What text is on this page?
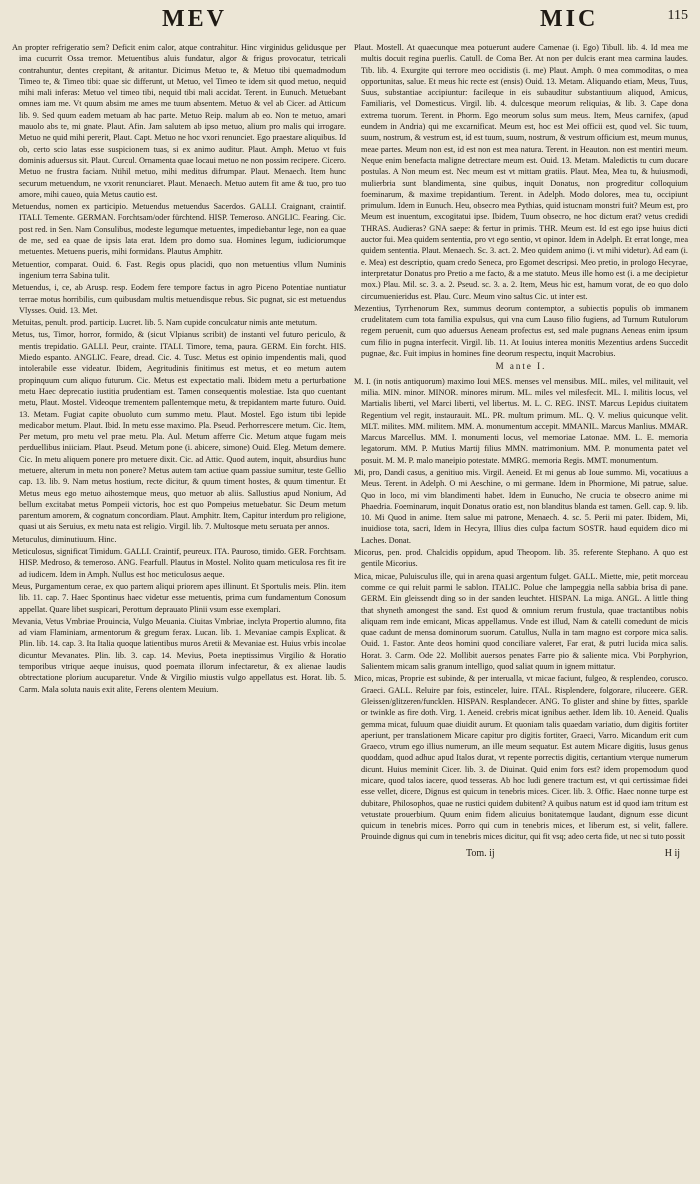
MEV	MIC	115

An propter refrigeratio sem? Deficit enim calor, atque contrahitur. Hinc virginidus gelidusque per ima cucurrit Ossa tremor. Metuentibus aluis fundatur, algor & frigus provocatur, tetricali contrahuntur, dentes crepitant, & aritantur. Dicimus Metuo te, & Metuo tibi quemadmodum Timeo te, & Timeo tibi: quae sic differunt, ut Metuo, vel Timeo te idem sit quod metuo, nequid mihi mali inferas: Metuo vel timeo tibi, nequid tibi mali accidat. Terent. in Eunuch. Metuebant omnes iam me. Vt quum absim me ames me tuum absentem. Metuo & vel ab Cicer. ad Atticum lib. 9. Sed quum eadem metuam ab hac parte. Metuo Reip. malum ab eo. Non te metuo, amari mauolo abs te, mi gnate. Plaut. Afin. Jam salutem ab ipso metuo, alium pro malis qui irrogare. Metuo ne quid mihi pererit, Plaut. Capt. Metuo ne hoc vxori renunciet. Ego praestare aliquibus. Id ob, certo scio latas esse suspicionem tuas, si ex animo auditur. Plaut. Amph. Metuo vt fuis dominis aduersus sit. Plaut. Curcul. Ornamenta quae locaui metuo ne non possim recipere. Cicero. Metuo ne frustra faciam. Ntihil metuo, mihi meditus difrumpar. Plaut. Menaech. Item hunc securum metuendum, ne vxorit renunciaret. Plaut. Menaech. Metuo autem fit ame & tuo, pro tuo amore, mihi caueo, quia Metus cautio est.

Metuendus, nomen ex participio. Metuendus metuendus Sacerdos. GALLI. Craignant, craintif. ITALI. Temente. GERMAN. Forchtsam/oder fürchtend. HISP. Temeroso. ANGLIC. Fearing. Cic. post red. in Sen. Nam Consulibus, modeste legumque metuentes, impediebantur lege, non ea quae de me, sed ea quae de ipsis lata erat. Idem pro domo sua. Homines legum, iudiciorumque metuentes. Metuens pueris, mihi formidans. Plautus Amphitr.

Metuentior, comparat. Ouid. 6. Fast. Regis opus placidi, quo non metuentius vllum Numinis ingenium terra Sabina tulit.

Metuendus, i, ce, ab Arusp. resp. Eodem fere tempore factus in agro Piceno Potentiae nuntiatur terrae motus horribilis, cum quibusdam multis metuendisque rebus. Sic pugnat, sic est metuendus Vlysses. Ouid. 13. Met.

Metuitas, penult. prod. particip. Lucret. lib. 5. Nam cupide conculcatur nimis ante metutum.

Metus, tus, Timor, horror, formido, & (sicut Vlpianus scribit) de instanti vel futuro periculo, & mentis trepidatio. GALLI. Peur, crainte. ITALI. Timore, tema, paura. GERM. Ein forcht. HIS. Miedo espanto. ANGLIC. Feare, dread. Cic. 4. Tusc. Metus est opinio impendentis mali, quod intolerabile esse videatur. Ibidem, Aegritudinis finitimus est metus, et eo metum autem propinquum cum aliquo futurum. Cic. Metus est expectatio mali. Ibidem metu a perturbatione metu Haec deprecatio iustitia prudentiam est. Tamen consequentis molestiae. Ista quo cuentant metu, Plaut. Mostel. Videoque trementem pallentemque metu, & trepidantem marte futuro. Ouid. 13. Metam. Fugiat capite obuoluto cum summo metu. Plaut. Mostel. Ego istum tibi lepide medicabor metum. Plaut. Ibid. In metu esse maximo. Pla. Pseud. Perhorrescere metum. Cic. Item, Per metum, pro metu vel prae metu. Pla. Aul. Metum afferre Cic. Metum atque fugam meis perduellibus iniiciam. Plaut. Pseud. Metum pone (i. abicere, simone) Ouid. Eleg. Metum demere. Cic. In metu aliquem ponere pro metuere dixit. Cic. ad Attic. Quod autem, inquit, absurdius hunc metuere, alterum in metu non ponere? Metus autem tam actiue quam passiue sumitur, teste Gellio cap. 13. lib. 9. Nam metus hostium, recte dicitur, & quum timent hostes, & quum timentur. Et Metus meus ego metuo aihostemque meus, quo metuor ab aliis. Sallustius apud Nonium, Ad bellum excitabat metus Pompeii victoris, hoc est quo Pompeius metuebatur. Sic Deum metum parentum amorem, & cognatum concordiam. Plaut. Amphitr. Item, Capitur interdum pro religione, quasi ut ais Seruius, ex metu nata est religio. Virgil. lib. 7. Multosque metu seruata per annos.

Metuculus, diminutiuum. Hinc.

Meticulosus, significat Timidum. GALLI. Craintif, peureux. ITA. Pauroso, timido. GER. Forchtsam. HISP. Medroso, & temeroso. ANG. Fearfull. Plautus in Mostel. Nolito quam meticulosa res fit ire ad iudicem. Idem in Amph. Nullus est hoc meticulosus aeque.

Meus, Purgamentum cerae, ex quo partem aliqui priorem apes illinunt. Et Sportulis meis. Plin. item lib. 11. cap. 7. Haec Spontinus haec videtur esse metuentis, prima cum fundamentum Conosum appellat. Quare libet suspicari, Perottum deprauato Plinii vsum esse exemplari.

Mevania, Vetus Vmbriae Prouincia, Vulgo Meuania. Ciuitas Vmbriae, inclyta Propertio alumno, fita ad viam Flaminiam, armentorum & gregum ferax. Lucan. lib. 1. Mevaniae campis Explicat. & Plin. lib. 14. cap. 3. Ita Italia quoque latientibus muros Aretii & Mevaniae est. Huius vrbis incolae dicuntur Mevanates. Plin. lib. 3. cap. 14. Mevius, Poeta ineptissimus Virgilio & Horatio temporibus vtrique aeque inuisus, quod poemata illorum infectaretur, & ex alienae laudis obtrectatione plorium aucuparetur. Vnde & Virgilio miustis vulgo appellatus est. Horat. lib. 5. Carm. Mala soluta nauis exit alite, Ferens olentem Meuium.

Plaut. Mostell. At quaecunque mea potuerunt audere Camenae (i. Ego) Tibull. lib. 4. Id mea me multis docuit regina puerlis. Catull. de Coma Ber. At non per dulcis erant mea carmina laudes. Tib. lib. 4. Exurgite qui terrore meo occidistis (i. me) Plaut. Amph. 0 mea commoditas, o mea opportunitas, salue. Et meus hic recte est (ensis) Ouid. 13. Metam. Aliquando etiam, Meus, Tuus, Suus, substantiae accipiuntur: facileque in eis subauditur substantiuum aliquod, Amicus, Familiaris, vel Domesticus. Virgil. lib. 4. dulcesque meorum reliquias, & lib. 3. Cape dona extrema tuorum. Terent. in Phorm. Ego meorum solus sum meus. Item, Meus carnifex, (apud eundem in Andria) qui me excarnificat. Meum est, hoc est Mei officii est, quod vel. Sic tuum, suum, nostrum, & vestrum est, id est tuum, suum, nostrum, & vestrum officium est, meum munus, meae partes. Meum non est, id est non est mea natura. Terent. in Heauton. non est mentiri meum. Neque enim benefacta maligne detrectare meum est. Ouid. 13. Metam. Maledictis tu cum ducare postulas. A Non meum est. Nec meum est vt mittam gratiis. Plaut. Mea, Mea tu, & huiusmodi, mulierbria sunt blandimenta, sine quibus, inquit Donatus, non progreditur colloquium foeminarum, & maxime trepidantium. Terent. in Adelph. Modo dolores, mea tu, occipiunt primulum. Idem in Eunuch. Heu, obsecro mea Pythias, quid istucnam monstri fuit? Meum est, pro Meum est inuentum, excogitatui ipse. Ibidem, Tuum obsecro, ne hoc dictum erat? vetus credidi THRAS. Audieras? GNA saepe: & fertur in primis. THR. Meum est. Id est ego ipse huius dicti auctor fui. Mea quidem sententia, pro vt ego sentio, vt opinor. Idem in Adelph. Et errat longe, mea quidem sententia. Plaut. Menaech. Sc. 3. act. 2. Meo quidem animo (i. vt mihi videtur). Ad eam (i. e. Mea) est descriptio, quam credo Seneca, pro Egomet descripsi. Meo pretio, in prologo Hecyrae, interpretatur Donatus pro Pretio a me facto, & a me statuto. Meus ille homo est (i. a me decipietur mox.) Plau. Mil. sc. 3. a. 2. Pseud. sc. 3. a. 2. Item, Meus hic est, hamum vorat, de eo quo dolo circumuenieridus est. Plau. Curc. Meum vino saltus Cic. ut inter est.

Mezentius, Tyrrhenorum Rex, summus deorum contemptor, a subiectis populis ob immanem crudelitatem cum tota familia expulsus, qui vna cum Lauso filio fugiens, ad Turnum Rutulorum regem peruenit, cum quo aduersus Aeneam profectus est, sed male pugnans Aeneas enim ipsum cum filio in pugna interfecit. Virgil. lib. 11. At Iouius interea monitis Mezentius ardens Succedit pugnae, &c. Fuit impius in homines fine deorum respectu, inquit Macrobius.

M ante I.

M. I. (in notis antiquorum) maximo Ioui MES. menses vel mensibus. MIL. miles, vel militauit, vel milia. MIN. minor. MINOR. minores mirum. ML. miles vel milesfecit. ML. I. militis locus, vel Martialis liberti, vel Marci liberti, vel libertus. M. L. C. REG. INST. Marcus Lepidus ciuitatem Regentium vel regit, instaurauit. ML. PR. multum primum. ML. Q. V. melius quicunque velit. MLT. milites. MM. militem. MM. A. monumentum accepit. MMANIL. Marcus Manlius. MMAR. Marcus Marcellus. MM. I. monumenti locus, vel memoriae Latonae. MM. L. E. memoria legatorum. MM. P. Mutius Martij filius MMN. matrimonium. MM. P. monumenta patet vel posuit. M. M. P. malo maneipio potestate. MMRG. memoria Regis. MMT. monumentum.

Mi, pro, Dandi casus, a genitiuo mis. Virgil. Aeneid. Et mi genus ab Ioue summo. Mi, vocatiuus a Meus. Terent. in Adelph. O mi Aeschine, o mi germane. Idem in Phormione, Mi patrue, salue. Quo in loco, mi vim blandimenti habet. Idem in Eunucho, Ne crucia te obsecro anime mi Phaedria. Foeminarum, inquit Donatus oratio est, non blanditus blanda est tamen. Gell. cap. 9. lib. 10. Mi Quod in anime. Item salue mi patrone, Menaech. 4. sc. 5. Perii mi pater. Ibidem, Mi, inuidiose tota, sacri, Idem in Hecyra, Illius dies culpa factum SOSTR. haud equidem dico mi Laches. Donat.

Micorus, pen. prod. Chalcidis oppidum, apud Theopom. lib. 35. referente Stephano. A quo est gentile Micorius.

Mica, micae, Puluisculus ille, qui in arena quasi argentum fulget. GALL. Miette, mie, petit morceau comme ce qui reluit parmi le sablon. ITALIC. Polue che lampeggia nella sabbia brisa di pane. GERM. Ein gleissendt ding so in der sanden leuchtet. HISPAN. La miga. ANGL. A little thing that shyneth amongest the sand. Est quod & omnium rerum frustula, quae tractantibus nobis aliquam rem inde emicant, Micas appellamus. Vnde est illud, Nam & catelli comedunt de micis quae cadunt de mensa dominorum suorum. Catullus, Nulla in tam magno est corpore mica salis. Ouid. 1. Fastor. Ante deos homini quod conciliare valeret, Far erat, & putri lucida mica salis. Horat. 3. Carm. Ode 22. Mollibit auersos penates Farre pio & saliente mica. Vbi Porphyrion, Salientem micam salis granum intelligo, quod saliat quum in ignem mittatur.

Mico, micas, Proprie est subinde, & per interualla, vt micae faciunt, fulgeo, & resplendeo, corusco. Graeci. GALL. Reluire par fois, estinceler, luire. ITAL. Risplendere, folgorare, riluceere. GER. Gleissen/glitzeren/funcklen. HISPAN. Resplandecer. ANG. To glister and shine by fittes, sparkle or twinkle as fire doth. Virg. 1. Aeneid. crebris micat ignibus aether. Idem lib. 10. Aeneid. Qualis gemma micat, fuluum quae diuidit aurum. Et quoniam talis quaedam variatio, dum digitis fortiter aperiunt, per translationem Micare capitur pro digitis fortiter, Graeci, Varro. Micandum erit cum Graeco, vtrum ego illius numerum, an ille meum sequatur. Est autem Micare digitis, lusus genus quoddam, quod adhuc apud Italos durat, vt repente porrectis digitis, certantium vterque numerum dicunt. Huius meminit Cicer. lib. 3. de Diuinat. Quid enim fors est? idem propemodum quod micare, quod talos iacere, quod tesseras. Ab hoc ludi genere tractum est, vt qui certissimae fidei esse vellet, dicere, Dignus est quicum in tenebris mices. Cicer. lib. 3. Offic. Haec nonne turpe est dubitare, Philosophos, quae ne rustici quidem dubitent? A quibus natum est id quod iam tritum est vetustate prouerbium. Quum enim fidem alicuius bonitatemque laudant, dignum esse dicunt quicum in tenebris mices. Porro qui cum in tenebris mices, et liberum est, si velit, fallere. Prouinde dignus qui cum in tenebris mices dicitur, qui fit vsq; adeo certa fide, ut nec si tuto possit

Tom. ij	H ij
